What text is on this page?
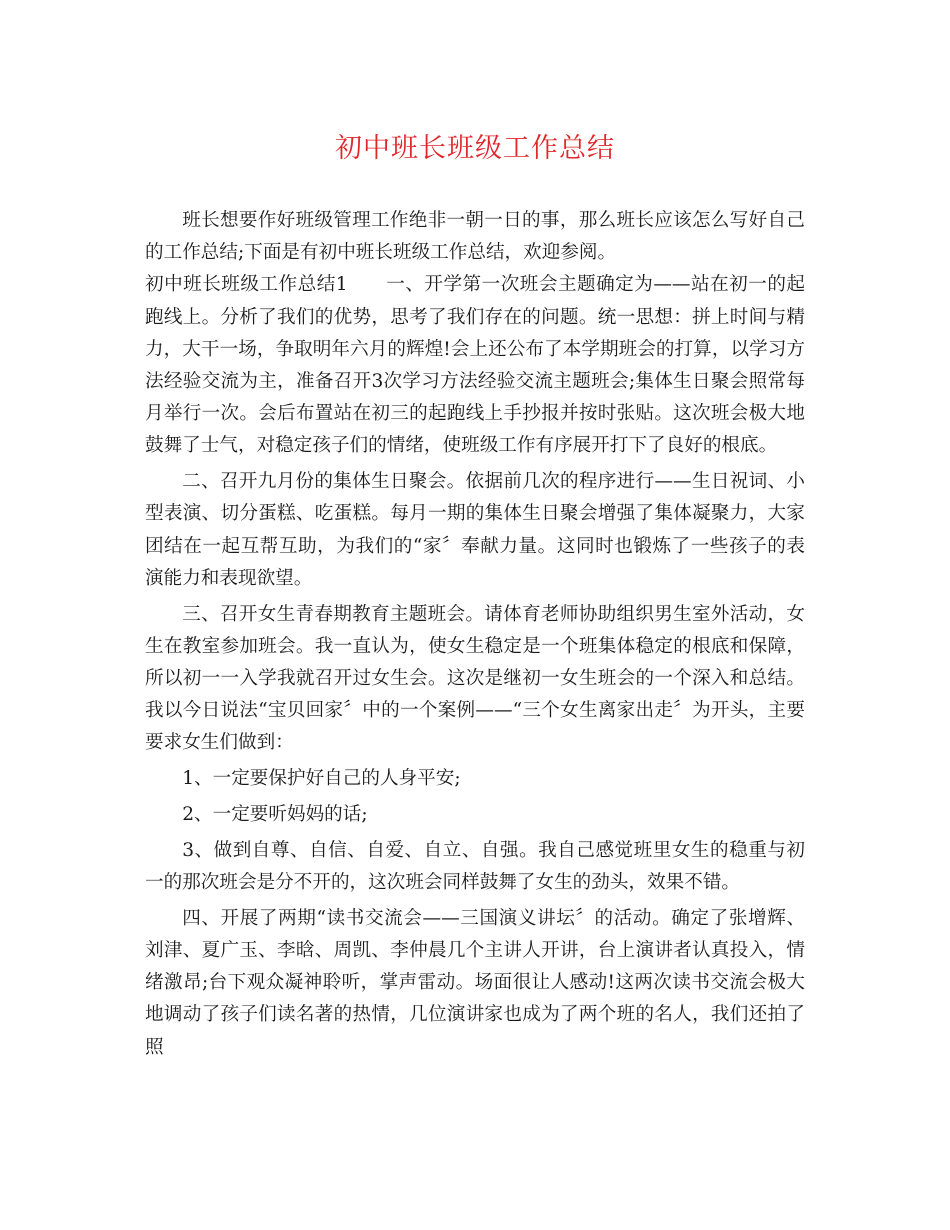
初中班长班级工作总结

班长想要作好班级管理工作绝非一朝一日的事，那么班长应该怎么写好自己的工作总结;下面是有初中班长班级工作总结，欢迎参阅。

初中班长班级工作总结1　　一、开学第一次班会主题确定为——站在初一的起跑线上。分析了我们的优势，思考了我们存在的问题。统一思想：拼上时间与精力，大干一场，争取明年六月的辉煌!会上还公布了本学期班会的打算，以学习方法经验交流为主，准备召开3次学习方法经验交流主题班会;集体生日聚会照常每月举行一次。会后布置站在初三的起跑线上手抄报并按时张贴。这次班会极大地鼓舞了士气，对稳定孩子们的情绪，使班级工作有序展开打下了良好的根底。

二、召开九月份的集体生日聚会。依据前几次的程序进行——生日祝词、小型表演、切分蛋糕、吃蛋糕。每月一期的集体生日聚会增强了集体凝聚力，大家团结在一起互帮互助，为我们的“家〞奉献力量。这同时也锻炼了一些孩子的表演能力和表现欲望。

三、召开女生青春期教育主题班会。请体育老师协助组织男生室外活动，女生在教室参加班会。我一直认为，使女生稳定是一个班集体稳定的根底和保障，所以初一一入学我就召开过女生会。这次是继初一女生班会的一个深入和总结。我以今日说法“宝贝回家〞中的一个案例——“三个女生离家出走〞为开头，主要要求女生们做到：

1、一定要保护好自己的人身平安;

2、一定要听妈妈的话;

3、做到自尊、自信、自爱、自立、自强。我自己感觉班里女生的稳重与初一的那次班会是分不开的，这次班会同样鼓舞了女生的劲头，效果不错。

四、开展了两期“读书交流会——三国演义讲坛〞的活动。确定了张增辉、刘津、夏广玉、李晗、周凯、李仲晨几个主讲人开讲，台上演讲者认真投入，情绪激昂;台下观众凝神聆听，掌声雷动。场面很让人感动!这两次读书交流会极大地调动了孩子们读名著的热情，几位演讲家也成为了两个班的名人，我们还拍了照
